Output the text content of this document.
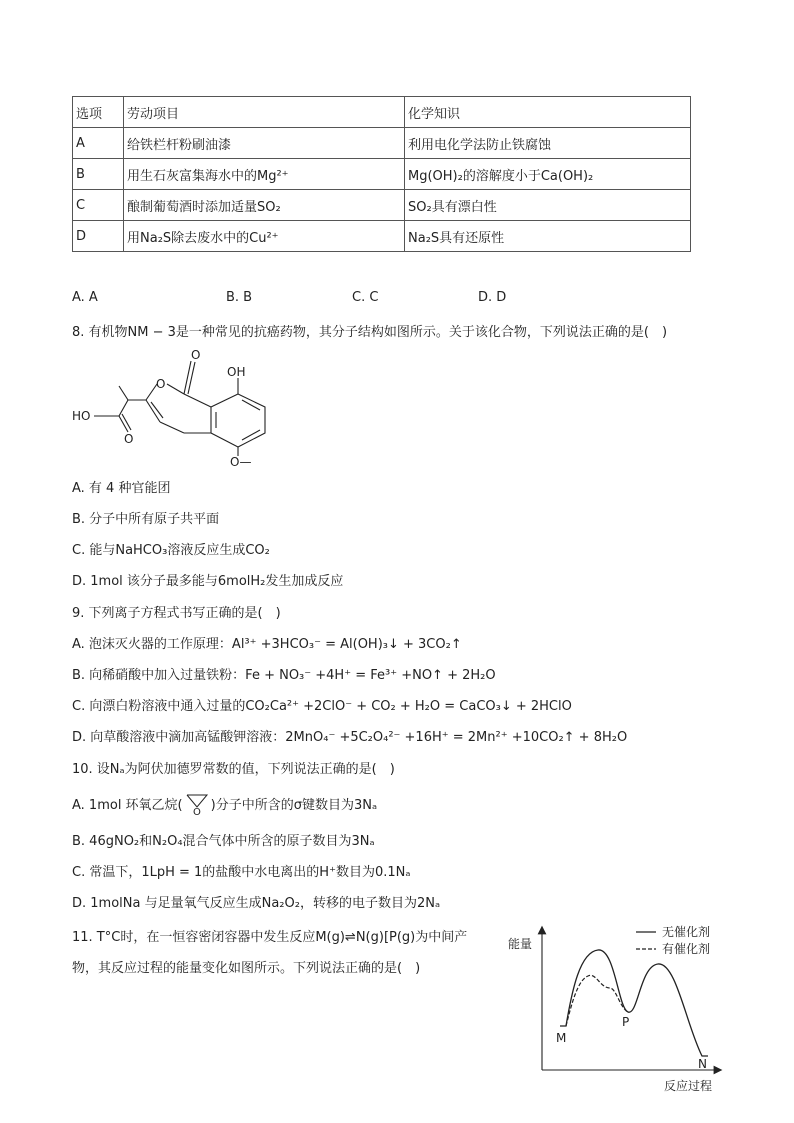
选项	劳动项目	化学知识
A	给铁栏杆粉刷油漆	利用电化学法防止铁腐蚀
B	用生石灰富集海水中的Mg²⁺	Mg(OH)₂的溶解度小于Ca(OH)₂
C	酿制葡萄酒时添加适量SO₂	SO₂具有漂白性
D	用Na₂S除去废水中的Cu²⁺	Na₂S具有还原性
A. A	B. B	C. C	D. D
8. 有机物NM − 3是一种常见的抗癌药物，其分子结构如图所示。关于该化合物，下列说法正确的是(　)
O
O
OH
HO
O
O—
A. 有 4 种官能团
B. 分子中所有原子共平面
C. 能与NaHCO₃溶液反应生成CO₂
D. 1mol 该分子最多能与6molH₂发生加成反应
9. 下列离子方程式书写正确的是(　)
A. 泡沫灭火器的工作原理：Al³⁺ +3HCO₃⁻ = Al(OH)₃↓ + 3CO₂↑
B. 向稀硝酸中加入过量铁粉：Fe + NO₃⁻ +4H⁺ = Fe³⁺ +NO↑ + 2H₂O
C. 向漂白粉溶液中通入过量的CO₂Ca²⁺ +2ClO⁻ + CO₂ + H₂O = CaCO₃↓ + 2HClO
D. 向草酸溶液中滴加高锰酸钾溶液：2MnO₄⁻ +5C₂O₄²⁻ +16H⁺ = 2Mn²⁺ +10CO₂↑ + 8H₂O
10. 设Nₐ为阿伏加德罗常数的值，下列说法正确的是(　)
A. 1mol 环氧乙烷( O )分子中所含的σ键数目为3Nₐ
B. 46gNO₂和N₂O₄混合气体中所含的原子数目为3Nₐ
C. 常温下，1LpH = 1的盐酸中水电离出的H⁺数目为0.1Nₐ
D. 1molNa 与足量氧气反应生成Na₂O₂，转移的电子数目为2Nₐ
11. T°C时，在一恒容密闭容器中发生反应M(g)⇌N(g)[P(g)为中间产
物，其反应过程的能量变化如图所示。下列说法正确的是(　)
能量
反应过程
无催化剂
有催化剂
M
P
N
